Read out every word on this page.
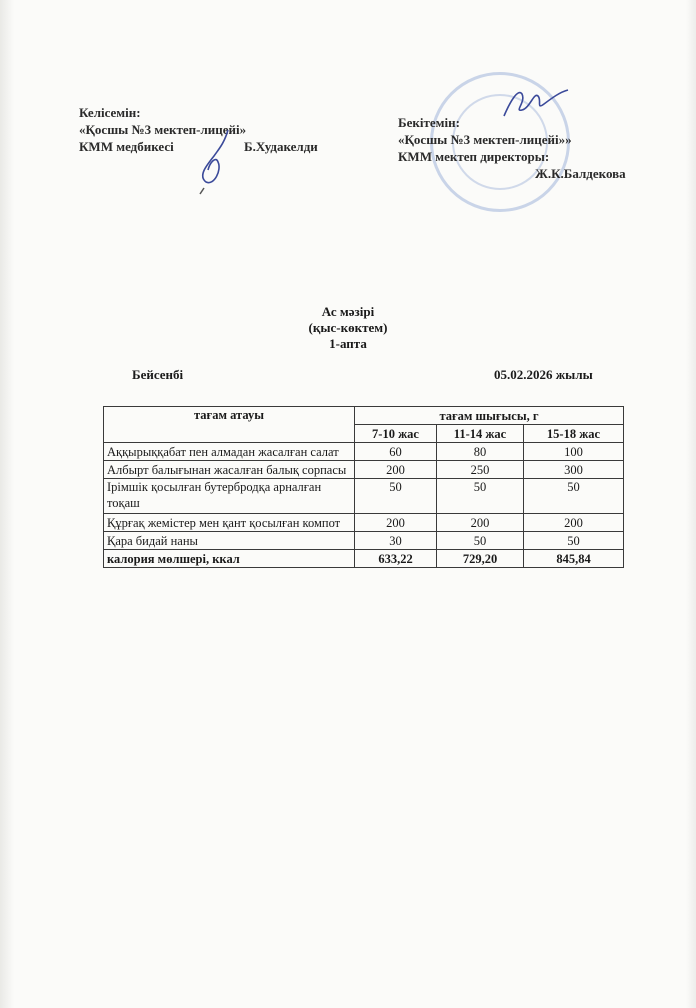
Келісемін:
«Қосшы №3 мектеп-лицейі»
КММ медбикесі	Б.Худакелди
Бекітемін:
«Қосшы №3 мектеп-лицейі»»
КММ мектеп директоры:
Ж.К.Балдекова
Ас мәзірі
(қыс-көктем)
1-апта
Бейсенбі	05.02.2026 жылы
тағам атауы	тағам шығысы, г		
	7-10 жас	11-14 жас	15-18 жас
Аққырыққабат пен алмадан жасалған салат	60	80	100
Албырт балығынан жасалған балық сорпасы	200	250	300
Ірімшік қосылған бутербродқа арналған тоқаш	50	50	50
Құрғақ жемістер мен қант қосылған компот	200	200	200
Қара бидай наны	30	50	50
калория мөлшері, ккал	633,22	729,20	845,84
